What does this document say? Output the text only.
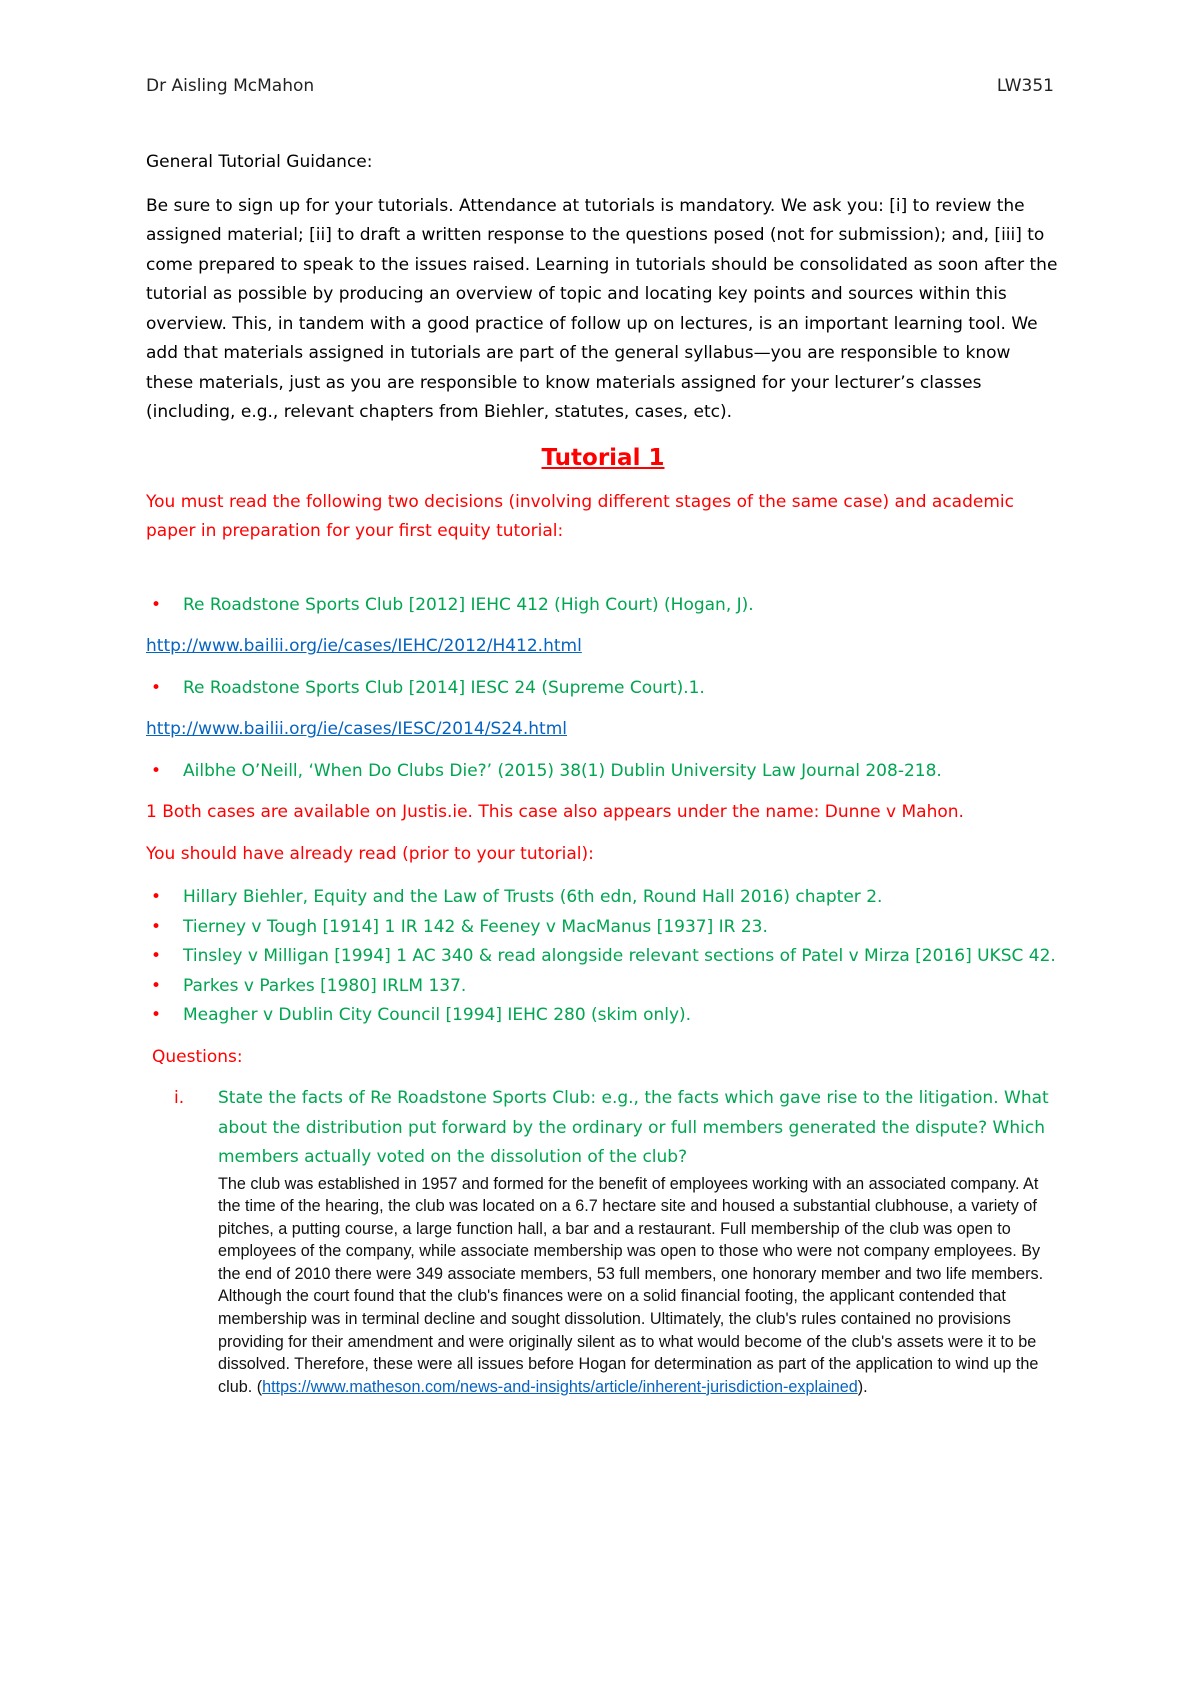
Dr Aisling McMahon	LW351

General Tutorial Guidance:

Be sure to sign up for your tutorials. Attendance at tutorials is mandatory. We ask you: [i] to review the assigned material; [ii] to draft a written response to the questions posed (not for submission); and, [iii] to come prepared to speak to the issues raised. Learning in tutorials should be consolidated as soon after the tutorial as possible by producing an overview of topic and locating key points and sources within this overview. This, in tandem with a good practice of follow up on lectures, is an important learning tool. We add that materials assigned in tutorials are part of the general syllabus—you are responsible to know these materials, just as you are responsible to know materials assigned for your lecturer’s classes (including, e.g., relevant chapters from Biehler, statutes, cases, etc).

Tutorial 1

You must read the following two decisions (involving different stages of the same case) and academic paper in preparation for your first equity tutorial:

• Re Roadstone Sports Club [2012] IEHC 412 (High Court) (Hogan, J).

http://www.bailii.org/ie/cases/IEHC/2012/H412.html

• Re Roadstone Sports Club [2014] IESC 24 (Supreme Court).1.

http://www.bailii.org/ie/cases/IESC/2014/S24.html

• Ailbhe O’Neill, ‘When Do Clubs Die?’ (2015) 38(1) Dublin University Law Journal 208-218.

1 Both cases are available on Justis.ie. This case also appears under the name: Dunne v Mahon.

You should have already read (prior to your tutorial):

• Hillary Biehler, Equity and the Law of Trusts (6th edn, Round Hall 2016) chapter 2.
• Tierney v Tough [1914] 1 IR 142 & Feeney v MacManus [1937] IR 23.
• Tinsley v Milligan [1994] 1 AC 340 & read alongside relevant sections of Patel v Mirza [2016] UKSC 42.
• Parkes v Parkes [1980] IRLM 137.
• Meagher v Dublin City Council [1994] IEHC 280 (skim only).

Questions:

i. State the facts of Re Roadstone Sports Club: e.g., the facts which gave rise to the litigation. What about the distribution put forward by the ordinary or full members generated the dispute? Which members actually voted on the dissolution of the club?

The club was established in 1957 and formed for the benefit of employees working with an associated company. At the time of the hearing, the club was located on a 6.7 hectare site and housed a substantial clubhouse, a variety of pitches, a putting course, a large function hall, a bar and a restaurant. Full membership of the club was open to employees of the company, while associate membership was open to those who were not company employees. By the end of 2010 there were 349 associate members, 53 full members, one honorary member and two life members. Although the court found that the club's finances were on a solid financial footing, the applicant contended that membership was in terminal decline and sought dissolution. Ultimately, the club's rules contained no provisions providing for their amendment and were originally silent as to what would become of the club's assets were it to be dissolved. Therefore, these were all issues before Hogan for determination as part of the application to wind up the club. (https://www.matheson.com/news-and-insights/article/inherent-jurisdiction-explained).
